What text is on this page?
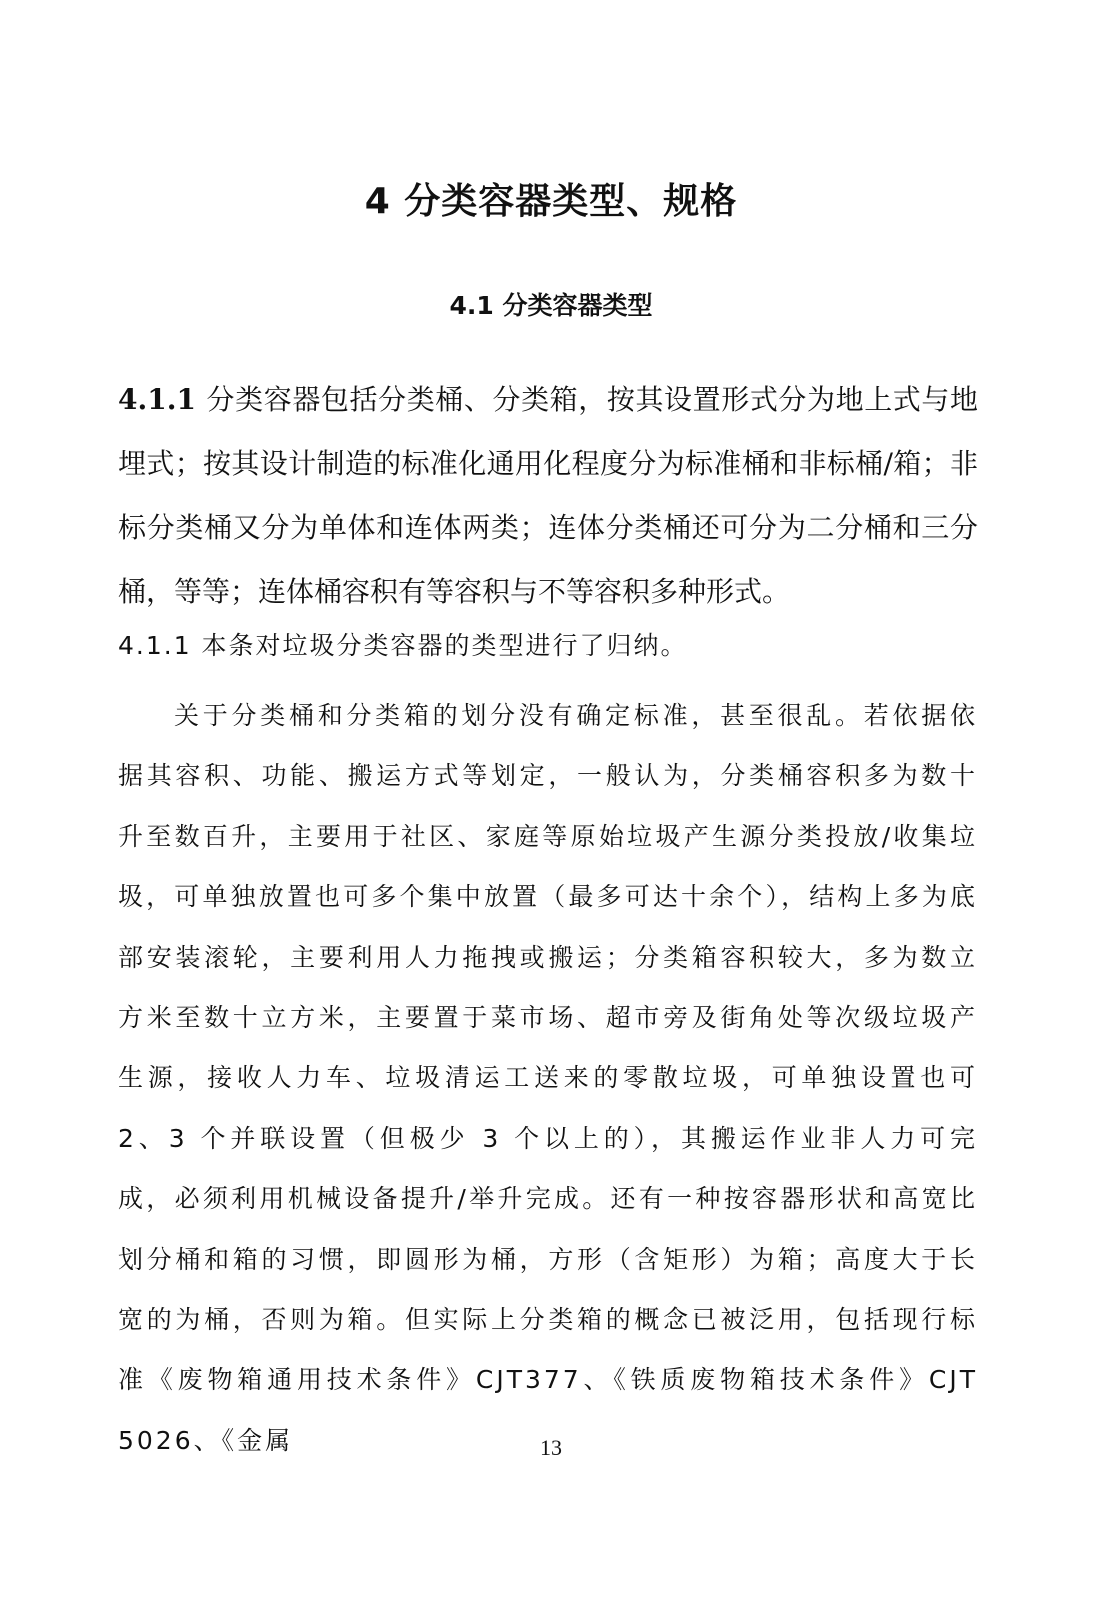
4 分类容器类型、规格
4.1 分类容器类型
4.1.1 分类容器包括分类桶、分类箱，按其设置形式分为地上式与地埋式；按其设计制造的标准化通用化程度分为标准桶和非标桶/箱；非标分类桶又分为单体和连体两类；连体分类桶还可分为二分桶和三分桶，等等；连体桶容积有等容积与不等容积多种形式。
4.1.1 本条对垃圾分类容器的类型进行了归纳。
关于分类桶和分类箱的划分没有确定标准，甚至很乱。若依据依据其容积、功能、搬运方式等划定，一般认为，分类桶容积多为数十升至数百升，主要用于社区、家庭等原始垃圾产生源分类投放/收集垃圾，可单独放置也可多个集中放置（最多可达十余个），结构上多为底部安装滚轮，主要利用人力拖拽或搬运；分类箱容积较大，多为数立方米至数十立方米，主要置于菜市场、超市旁及街角处等次级垃圾产生源，接收人力车、垃圾清运工送来的零散垃圾，可单独设置也可 2、3 个并联设置（但极少 3 个以上的），其搬运作业非人力可完成，必须利用机械设备提升/举升完成。还有一种按容器形状和高宽比划分桶和箱的习惯，即圆形为桶，方形（含矩形）为箱；高度大于长宽的为桶，否则为箱。但实际上分类箱的概念已被泛用，包括现行标准《废物箱通用技术条件》CJT377、《铁质废物箱技术条件》CJT 5026、《金属	13
